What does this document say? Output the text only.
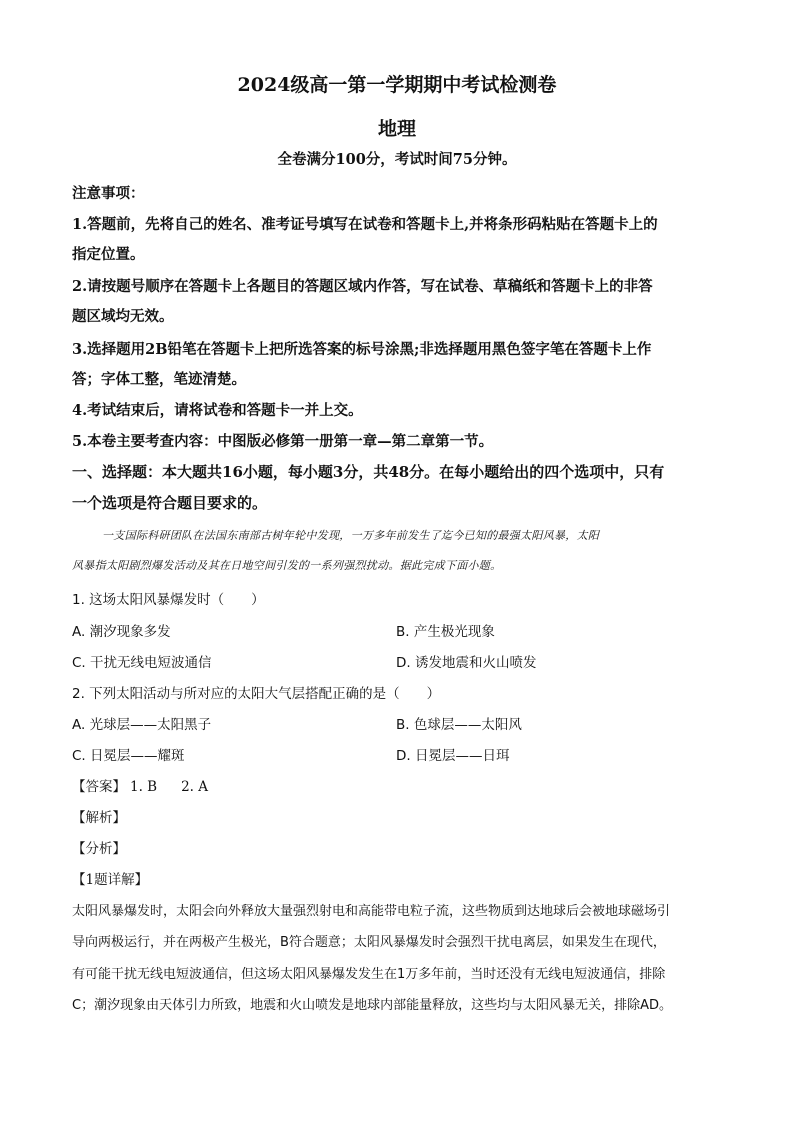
2024级高一第一学期期中考试检测卷
地理
全卷满分100分，考试时间75分钟。
注意事项：
1.答题前，先将自己的姓名、准考证号填写在试卷和答题卡上,并将条形码粘贴在答题卡上的
指定位置。
2.请按题号顺序在答题卡上各题目的答题区域内作答，写在试卷、草稿纸和答题卡上的非答
题区域均无效。
3.选择题用2B铅笔在答题卡上把所选答案的标号涂黑;非选择题用黑色签字笔在答题卡上作
答；字体工整，笔迹清楚。
4.考试结束后，请将试卷和答题卡一并上交。
5.本卷主要考查内容：中图版必修第一册第一章—第二章第一节。
一、选择题：本大题共16小题，每小题3分，共48分。在每小题给出的四个选项中，只有
一个选项是符合题目要求的。
一支国际科研团队在法国东南部古树年轮中发现，一万多年前发生了迄今已知的最强太阳风暴，太阳
风暴指太阳剧烈爆发活动及其在日地空间引发的一系列强烈扰动。据此完成下面小题。
1. 这场太阳风暴爆发时（　　）
A. 潮汐现象多发	B. 产生极光现象
C. 干扰无线电短波通信	D. 诱发地震和火山喷发
2. 下列太阳活动与所对应的太阳大气层搭配正确的是（　　）
A. 光球层——太阳黑子	B. 色球层——太阳风
C. 日冕层——耀斑	D. 日冕层——日珥
【答案】 1. B 2. A
【解析】
【分析】
【1题详解】
太阳风暴爆发时，太阳会向外释放大量强烈射电和高能带电粒子流，这些物质到达地球后会被地球磁场引
导向两极运行，并在两极产生极光，B符合题意；太阳风暴爆发时会强烈干扰电离层，如果发生在现代，
有可能干扰无线电短波通信，但这场太阳风暴爆发发生在1万多年前，当时还没有无线电短波通信，排除
C；潮汐现象由天体引力所致，地震和火山喷发是地球内部能量释放，这些均与太阳风暴无关，排除AD。
